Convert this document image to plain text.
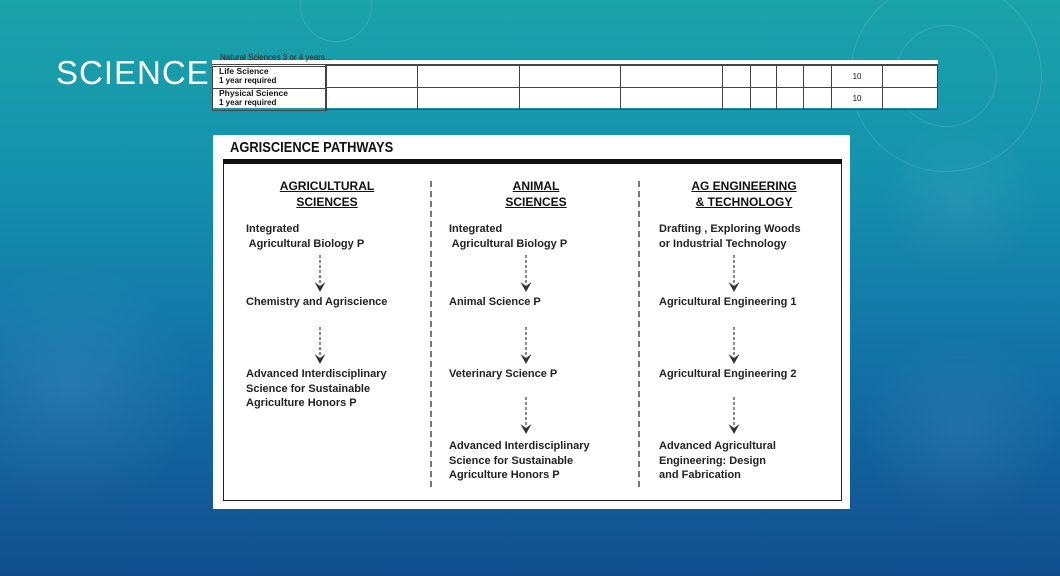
SCIENCE Natural Sciences 3 or 4 years...
Life Science
1 year required
									10	

Physical Science
1 year required
									10	
AGRISCIENCE PATHWAYS
AGRICULTURAL
SCIENCES
Integrated
Agricultural Biology P
Chemistry and Agriscience
Advanced Interdisciplinary
Science for Sustainable
Agriculture Honors P
ANIMAL
SCIENCES
Integrated
Agricultural Biology P
Animal Science P
Veterinary Science P
Advanced Interdisciplinary
Science for Sustainable
Agriculture Honors P
AG ENGINEERING
& TECHNOLOGY
Drafting , Exploring Woods
or Industrial Technology
Agricultural Engineering 1
Agricultural Engineering 2
Advanced Agricultural
Engineering: Design
and Fabrication
